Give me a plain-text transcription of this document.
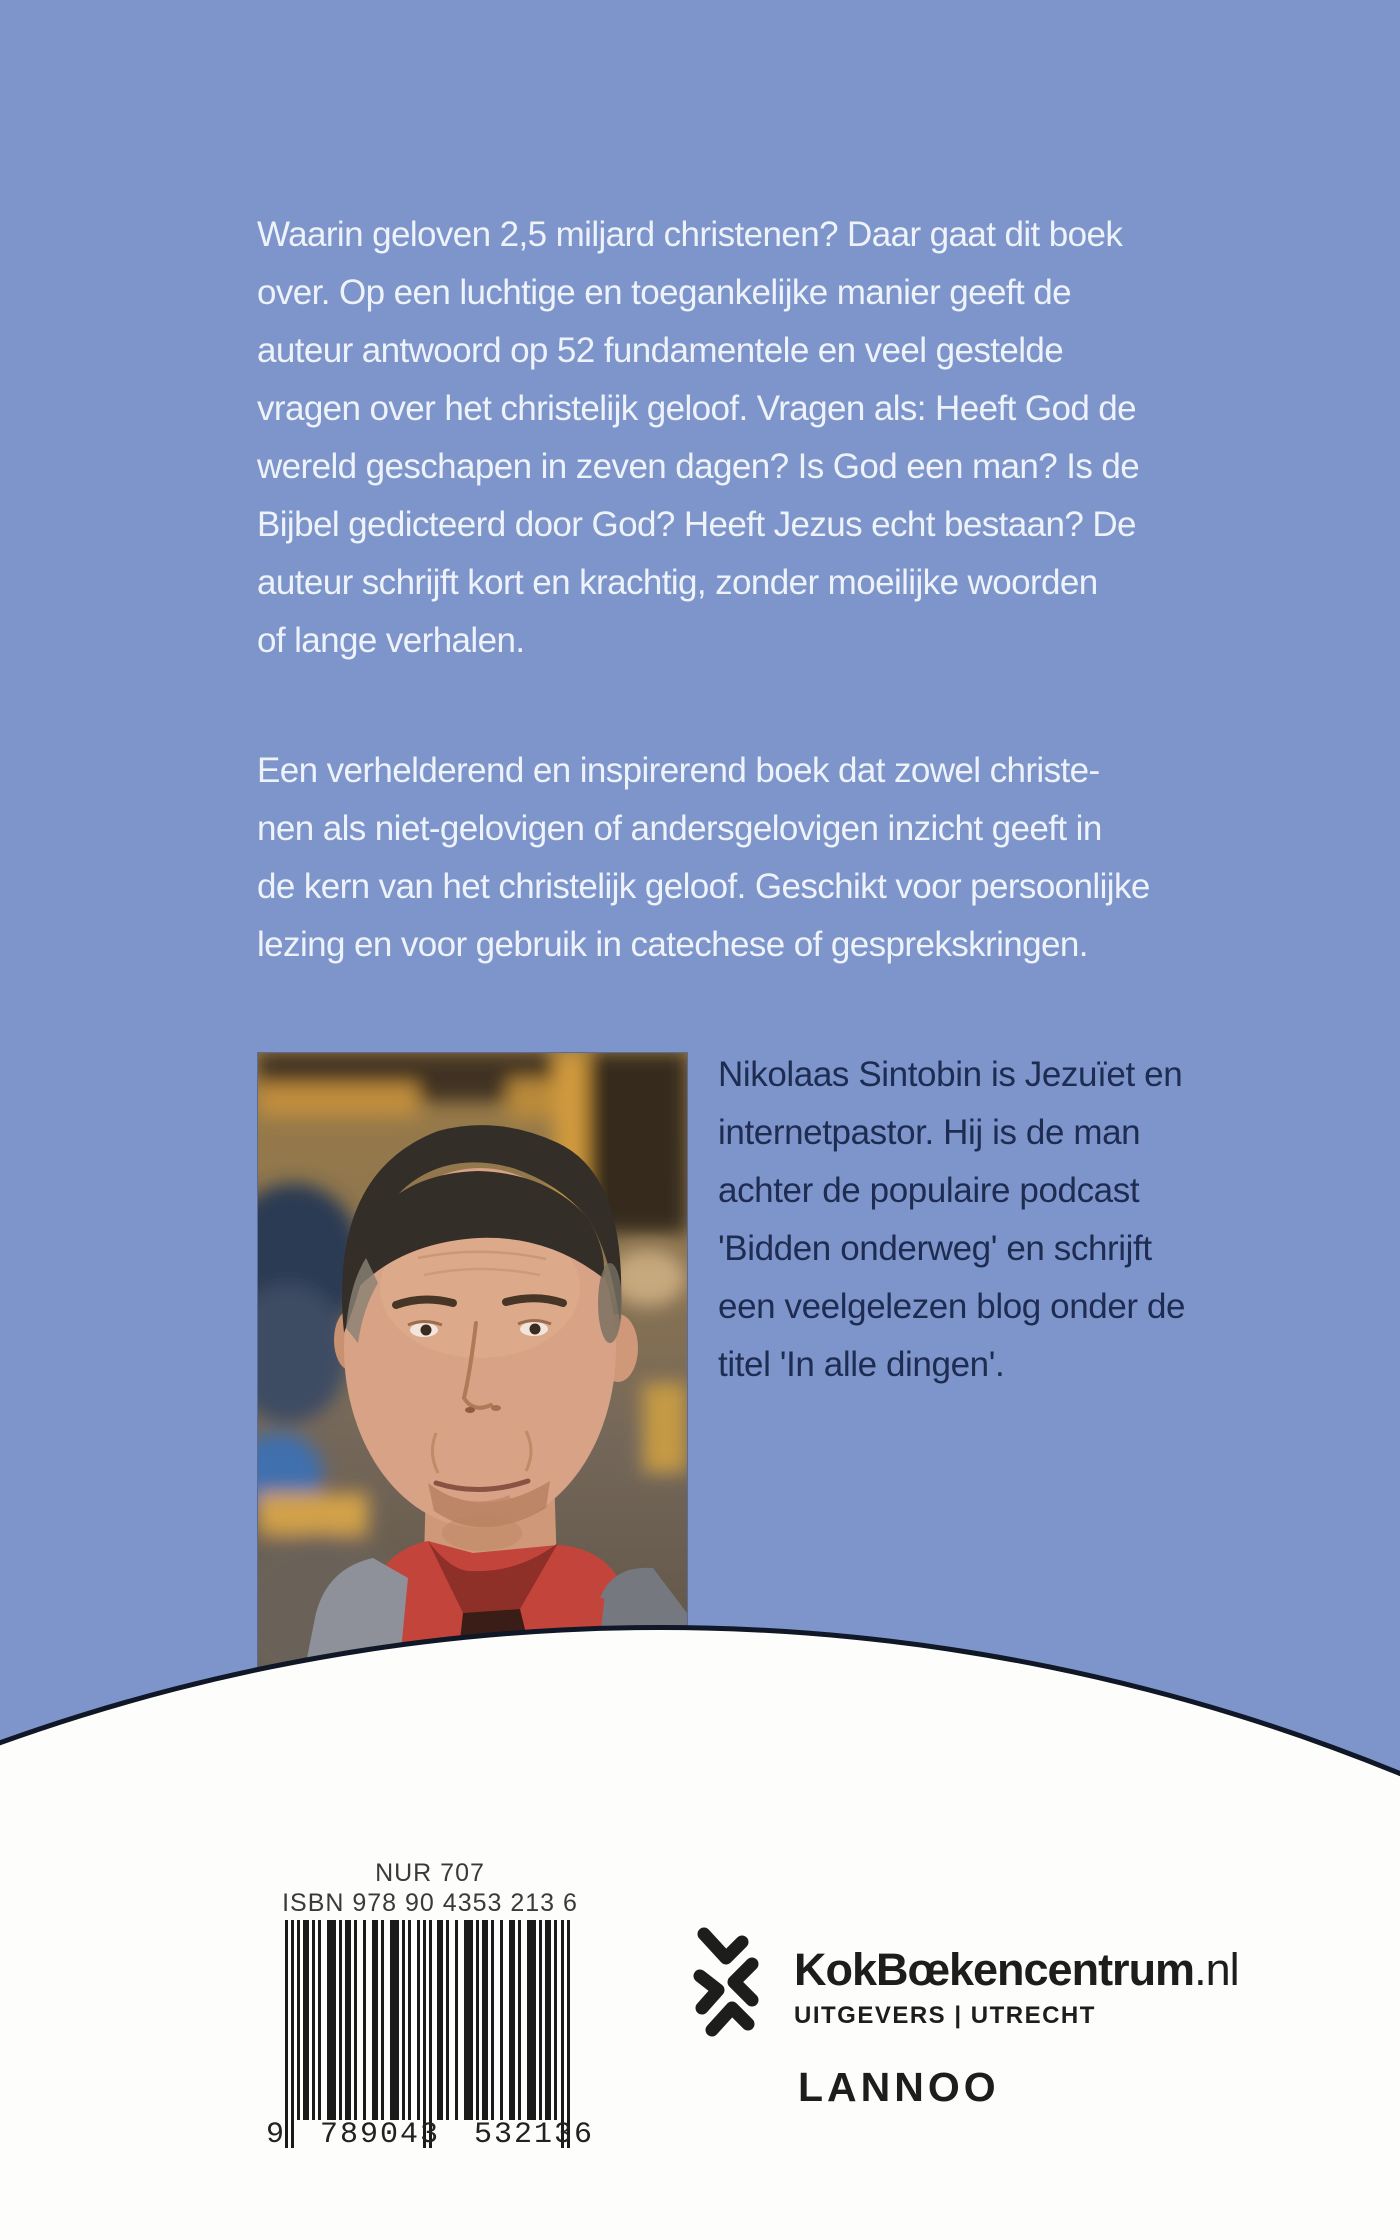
Waarin geloven 2,5 miljard christenen? Daar gaat dit boek
over. Op een luchtige en toegankelijke manier geeft de
auteur antwoord op 52 fundamentele en veel gestelde
vragen over het christelijk geloof. Vragen als: Heeft God de
wereld geschapen in zeven dagen? Is God een man? Is de
Bijbel gedicteerd door God? Heeft Jezus echt bestaan? De
auteur schrijft kort en krachtig, zonder moeilijke woorden
of lange verhalen.
Een verhelderend en inspirerend boek dat zowel christe-
nen als niet-gelovigen of andersgelovigen inzicht geeft in
de kern van het christelijk geloof. Geschikt voor persoonlijke
lezing en voor gebruik in catechese of gesprekskringen.
NUR 707
ISBN 978 90 4353 213 6
9 789043 532136
KokBœkencentrum.nl
UITGEVERS | UTRECHT
LANNOO
Nikolaas Sintobin is Jezuïet en
internetpastor. Hij is de man
achter de populaire podcast
'Bidden onderweg' en schrijft
een veelgelezen blog onder de
titel 'In alle dingen'.
